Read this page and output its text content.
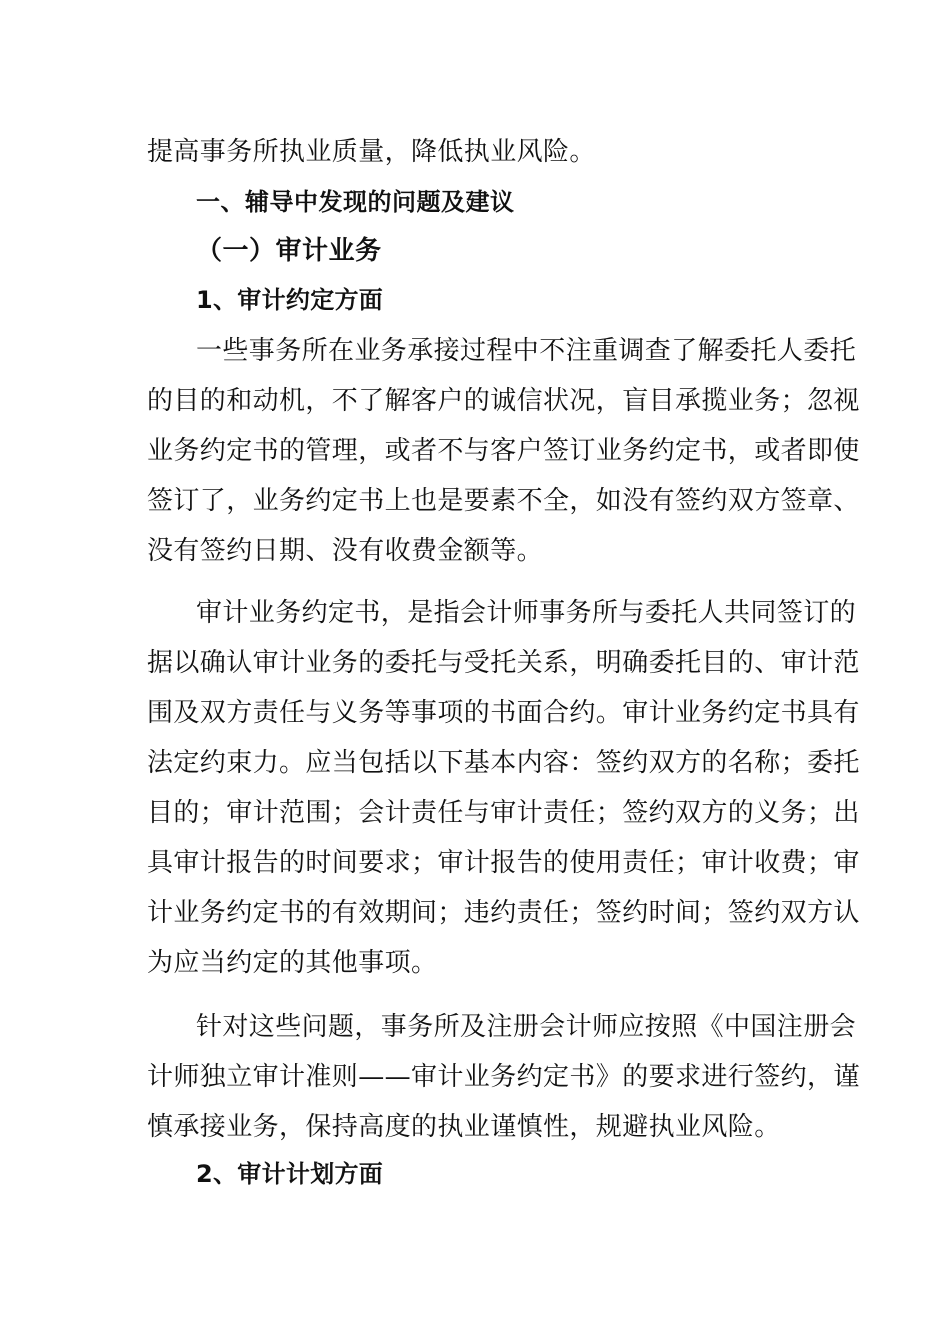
提高事务所执业质量，降低执业风险。
一、辅导中发现的问题及建议
（一）审计业务
1、审计约定方面
一些事务所在业务承接过程中不注重调查了解委托人委托
的目的和动机，不了解客户的诚信状况，盲目承揽业务；忽视
业务约定书的管理，或者不与客户签订业务约定书，或者即使
签订了，业务约定书上也是要素不全，如没有签约双方签章、
没有签约日期、没有收费金额等。
审计业务约定书，是指会计师事务所与委托人共同签订的
据以确认审计业务的委托与受托关系，明确委托目的、审计范
围及双方责任与义务等事项的书面合约。审计业务约定书具有
法定约束力。应当包括以下基本内容：签约双方的名称；委托
目的；审计范围；会计责任与审计责任；签约双方的义务；出
具审计报告的时间要求；审计报告的使用责任；审计收费；审
计业务约定书的有效期间；违约责任；签约时间；签约双方认
为应当约定的其他事项。
针对这些问题，事务所及注册会计师应按照《中国注册会
计师独立审计准则——审计业务约定书》的要求进行签约，谨
慎承接业务，保持高度的执业谨慎性，规避执业风险。
2、审计计划方面
